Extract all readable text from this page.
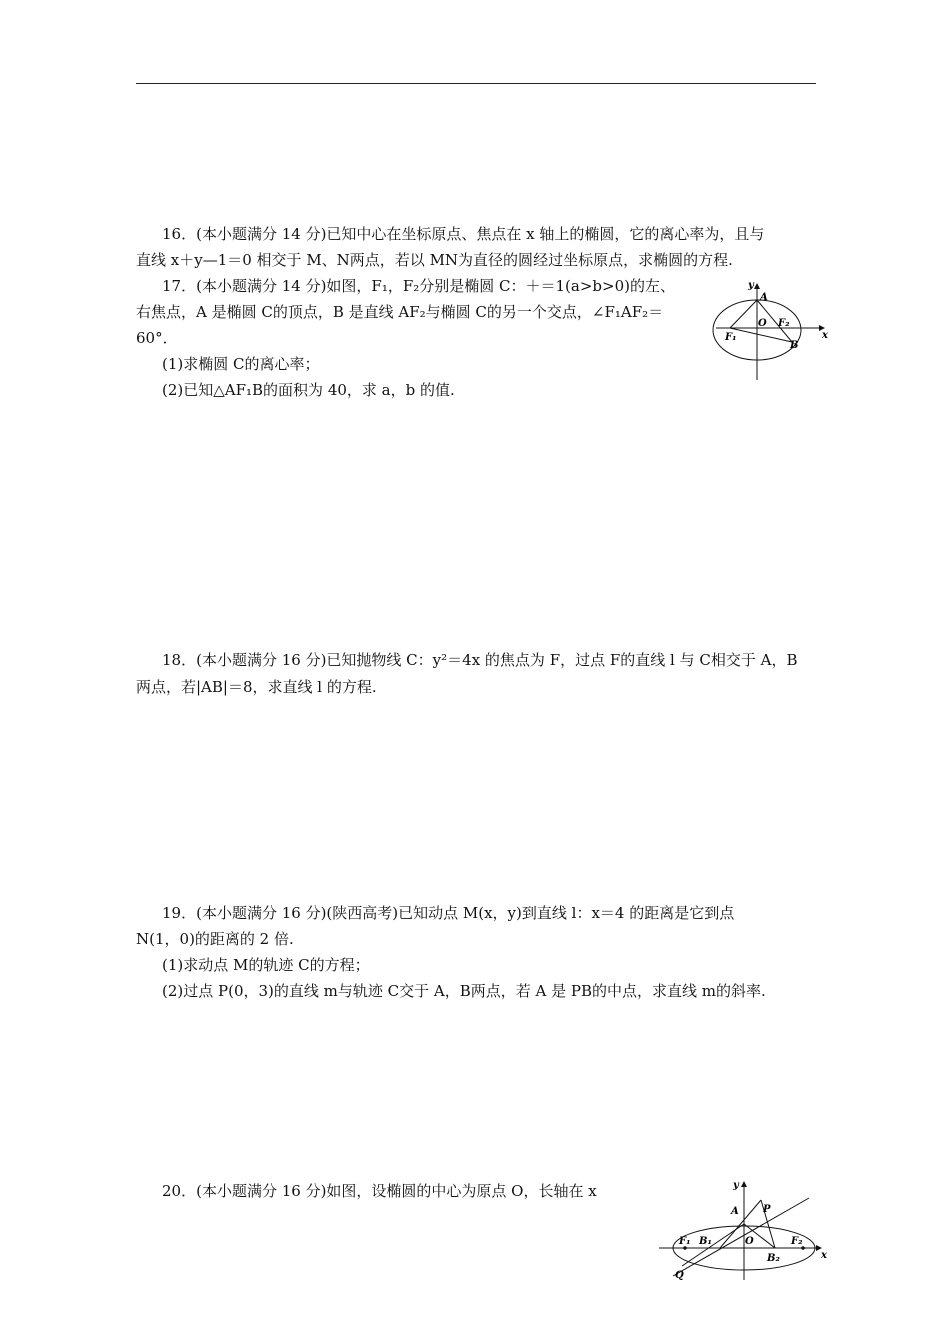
16．(本小题满分 14 分)已知中心在坐标原点、焦点在 x 轴上的椭圆，它的离心率为，且与
直线 x＋y—1＝0 相交于 M、N两点，若以 MN为直径的圆经过坐标原点，求椭圆的方程.
17．(本小题满分 14 分)如图，F₁，F₂分别是椭圆 C：＋＝1(a>b>0)的左、
右焦点，A 是椭圆 C的顶点，B 是直线 AF₂与椭圆 C的另一个交点，∠F₁AF₂＝
60°．
(1)求椭圆 C的离心率；
(2)已知△AF₁B的面积为 40，求 a，b 的值.
y
A
O F₂
F₁
B
x
18．(本小题满分 16 分)已知抛物线 C：y²＝4x 的焦点为 F，过点 F的直线 l 与 C相交于 A，B
两点，若|AB|＝8，求直线 l 的方程.
19．(本小题满分 16 分)(陕西高考)已知动点 M(x，y)到直线 l：x＝4 的距离是它到点
N(1，0)的距离的 2 倍.
(1)求动点 M的轨迹 C的方程；
(2)过点 P(0，3)的直线 m与轨迹 C交于 A，B两点，若 A 是 PB的中点，求直线 m的斜率.
20．(本小题满分 16 分)如图，设椭圆的中心为原点 O，长轴在 x	y
A P
F₁ B₁	O
B₂
F₂
x
Q
